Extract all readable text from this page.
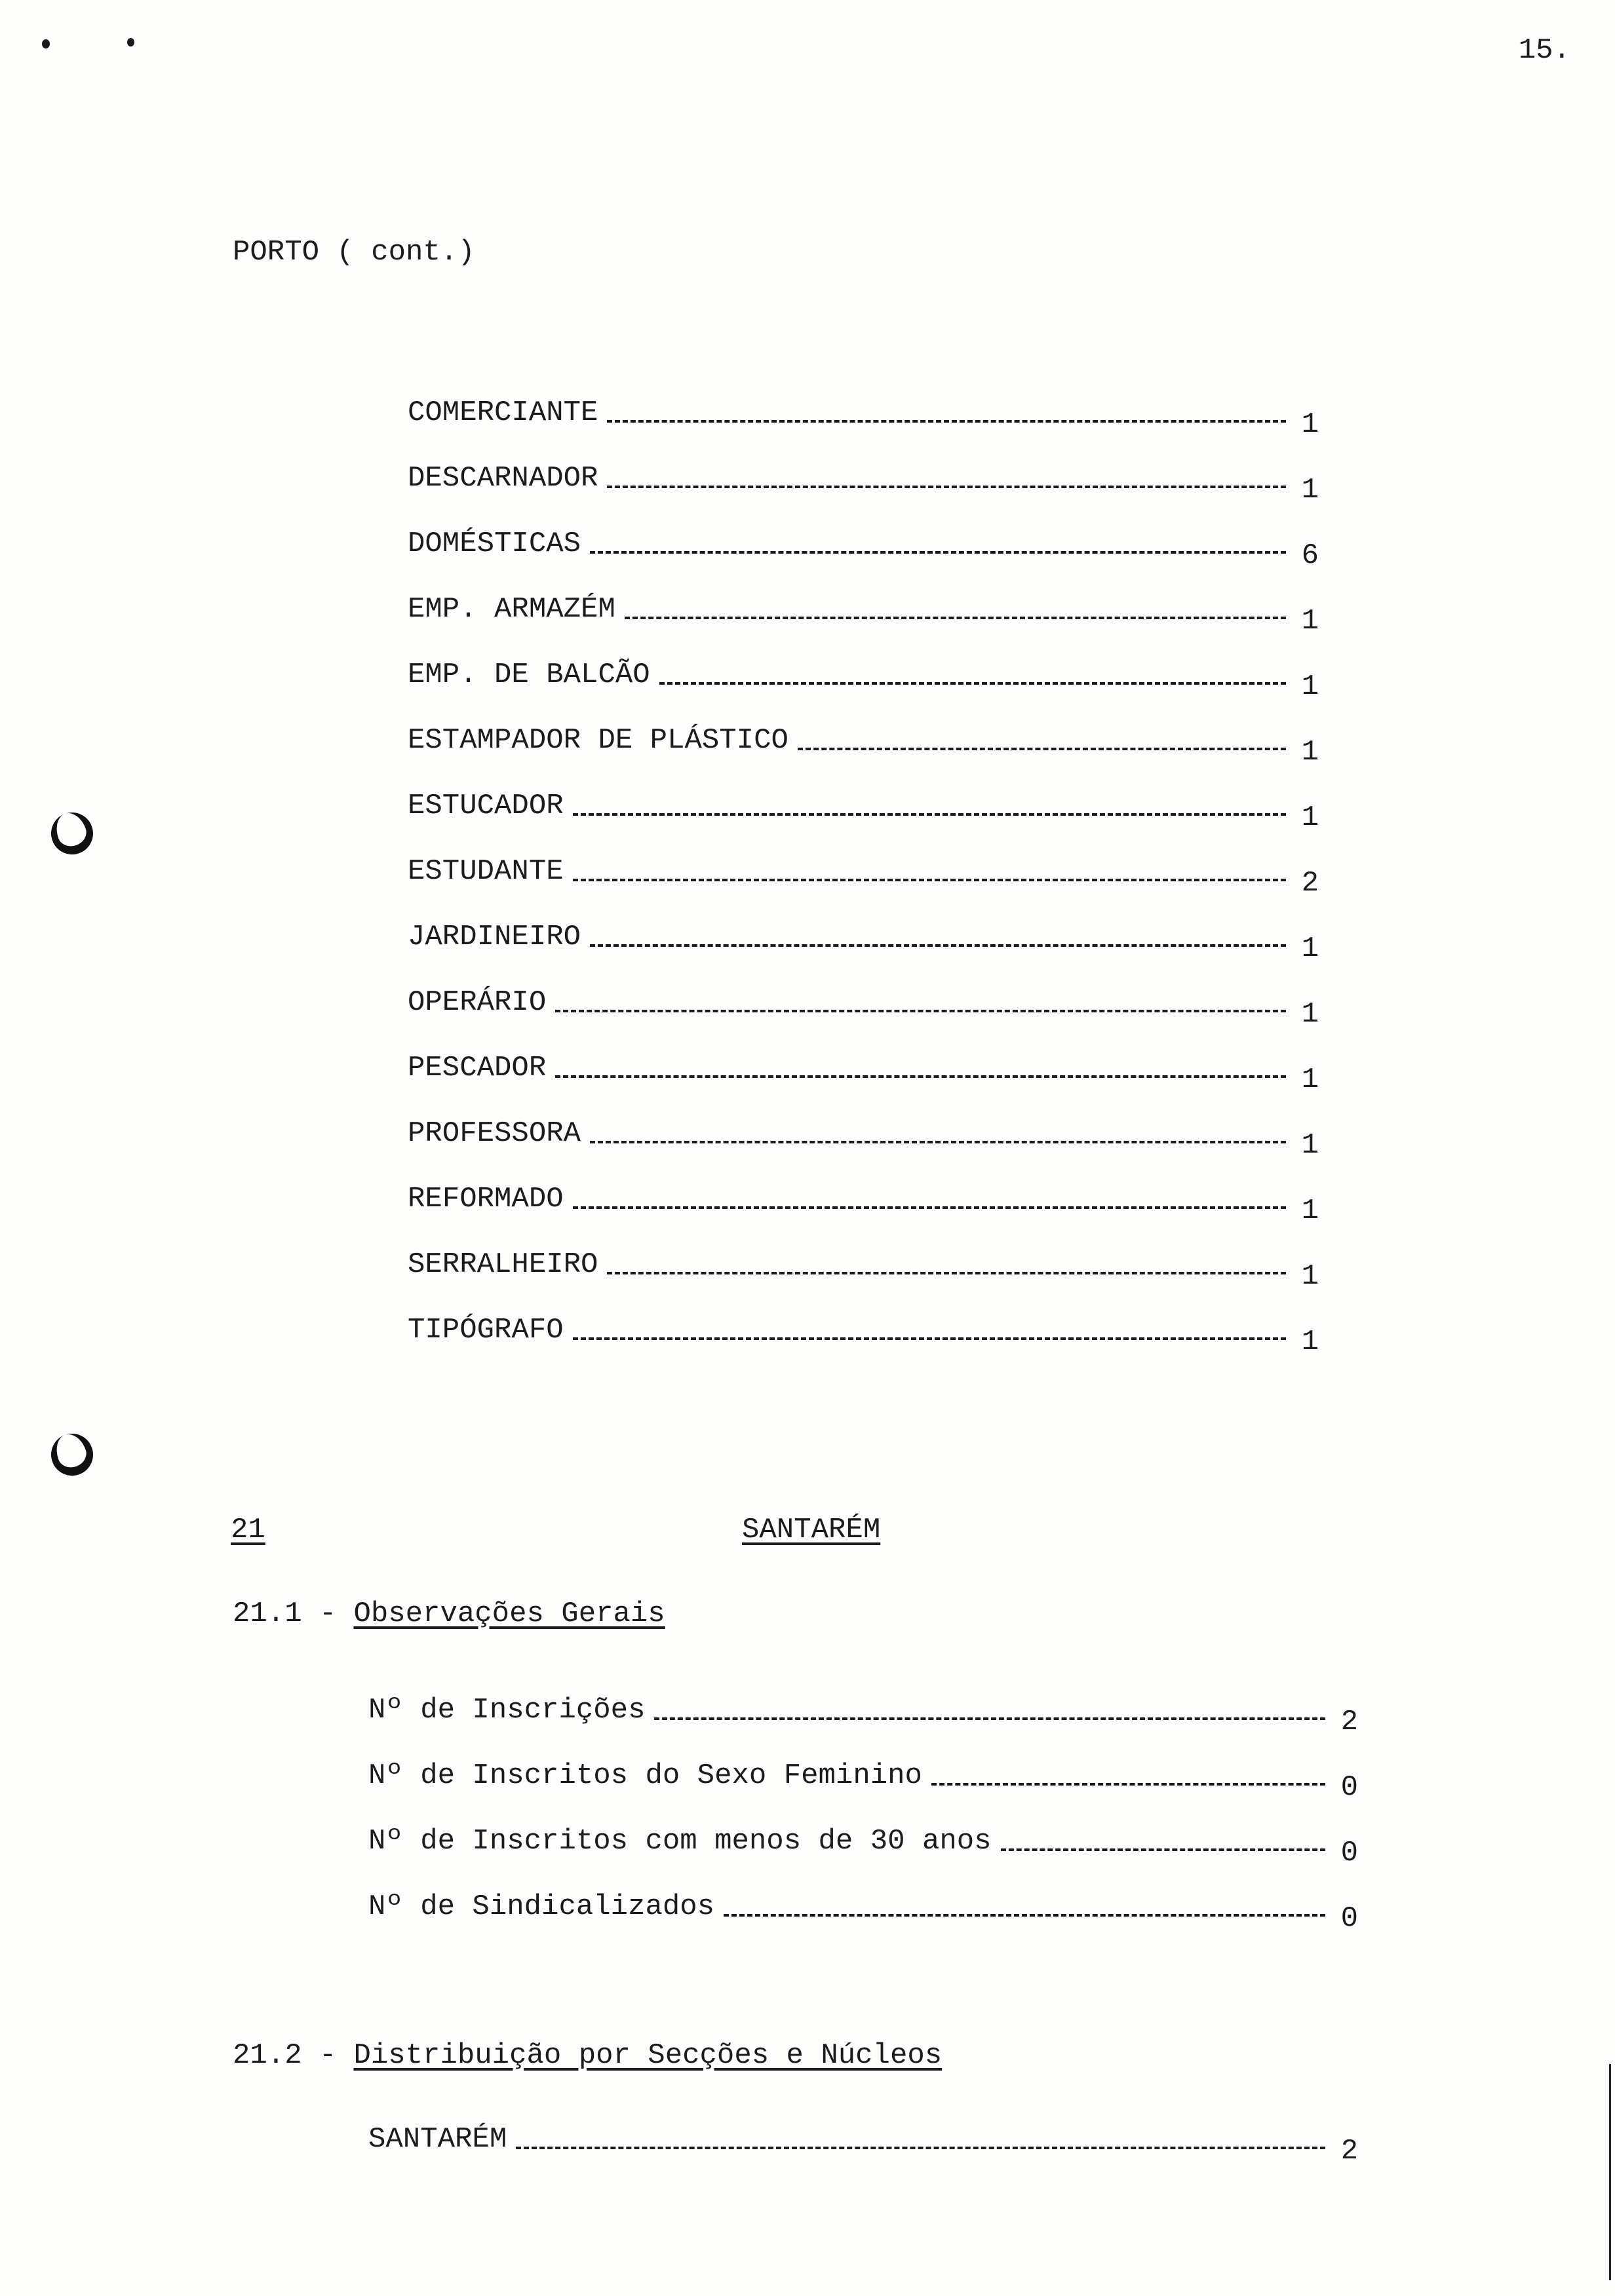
15.
PORTO ( cont.)
COMERCIANTE	1
DESCARNADOR	1
DOMÉSTICAS	6
EMP. ARMAZÉM	1
EMP. DE BALCÃO	1
ESTAMPADOR DE PLÁSTICO	1
ESTUCADOR	1
ESTUDANTE	2
JARDINEIRO	1
OPERÁRIO	1
PESCADOR	1
PROFESSORA	1
REFORMADO	1
SERRALHEIRO	1
TIPÓGRAFO	1
21	SANTARÉM
21.1 - Observações Gerais
Nº de Inscrições	2
Nº de Inscritos do Sexo Feminino	0
Nº de Inscritos com menos de 30 anos	0
Nº de Sindicalizados	0
21.2 - Distribuição por Secções e Núcleos
SANTARÉM	2
